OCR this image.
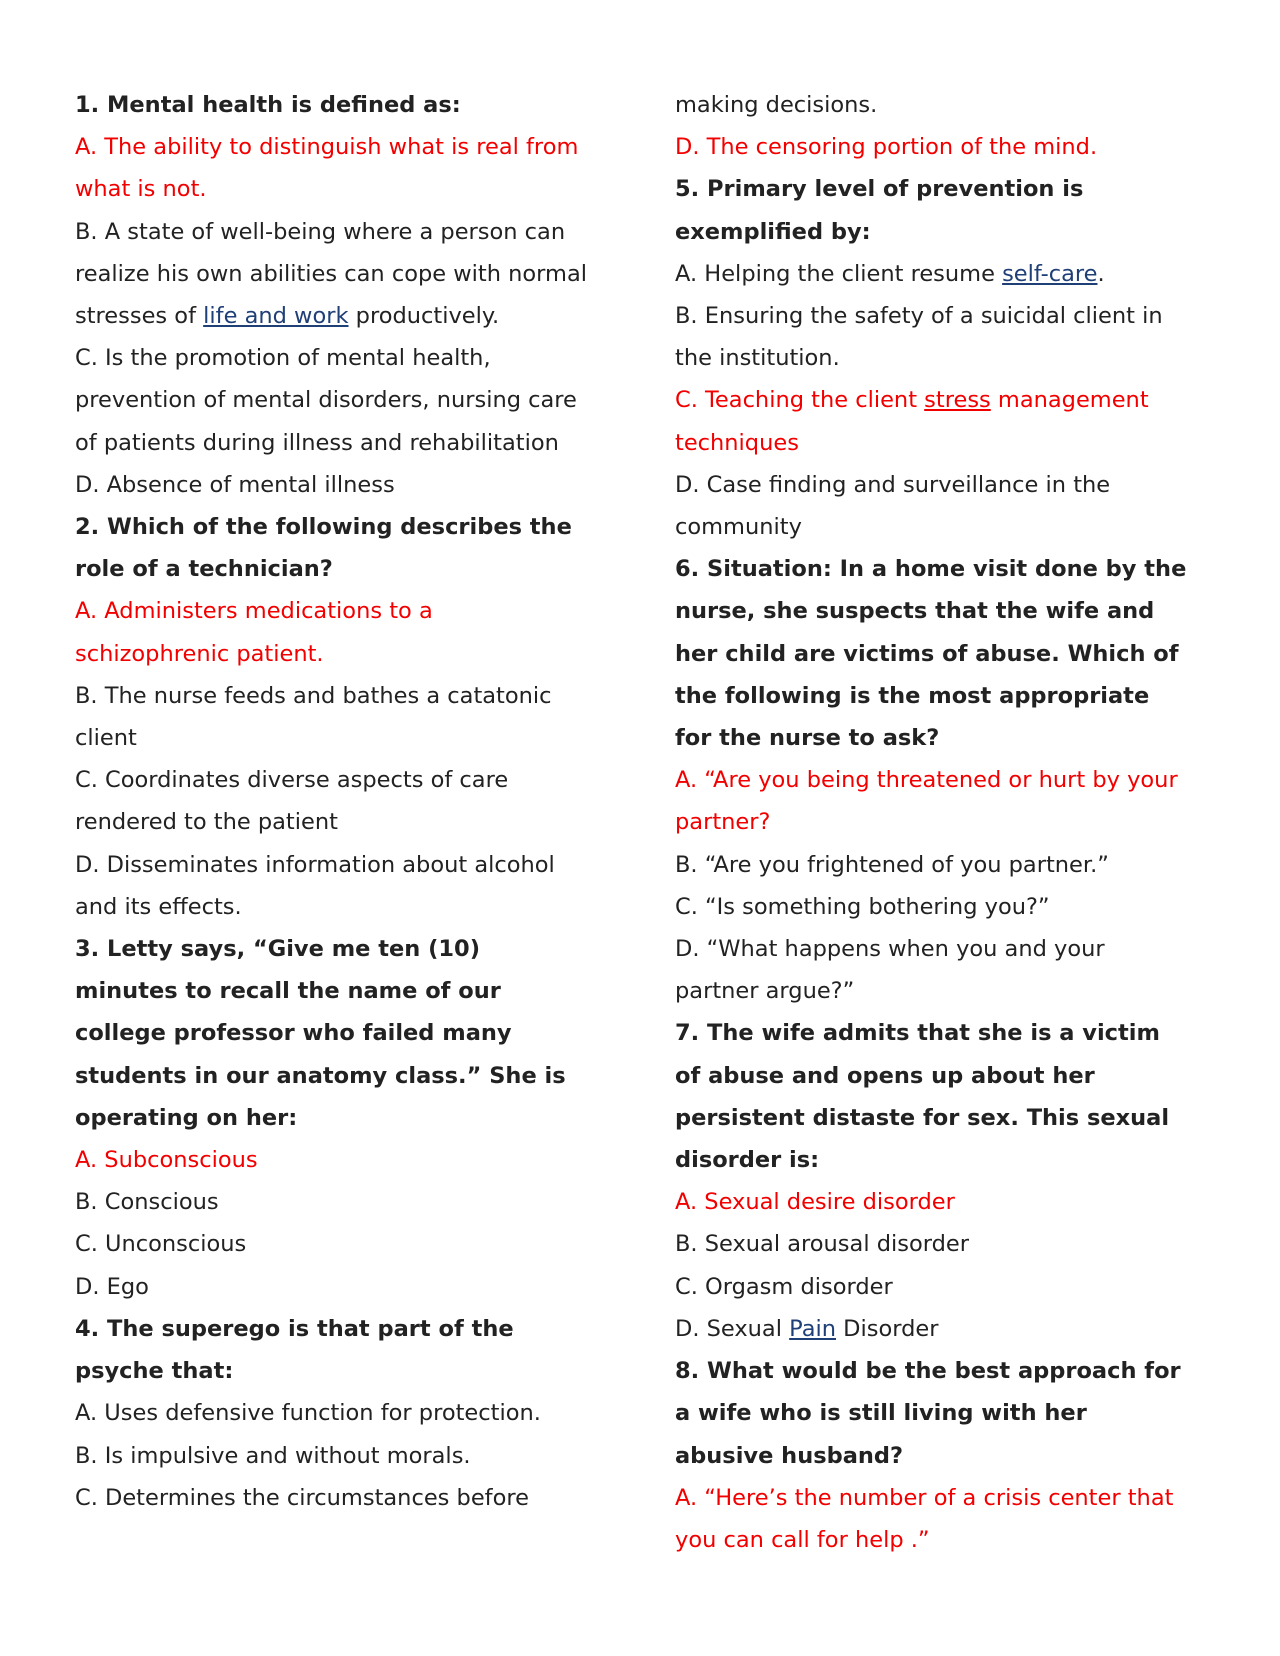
1. Mental health is defined as:

A. The ability to distinguish what is real from

what is not.

B. A state of well-being where a person can

realize his own abilities can cope with normal

stresses of life and work productively.

C. Is the promotion of mental health,

prevention of mental disorders, nursing care

of patients during illness and rehabilitation

D. Absence of mental illness

2. Which of the following describes the

role of a technician?

A. Administers medications to a

schizophrenic patient.

B. The nurse feeds and bathes a catatonic

client

C. Coordinates diverse aspects of care

rendered to the patient

D. Disseminates information about alcohol

and its effects.

3. Letty says, “Give me ten (10)

minutes to recall the name of our

college professor who failed many

students in our anatomy class.” She is

operating on her:

A. Subconscious

B. Conscious

C. Unconscious

D. Ego

4. The superego is that part of the

psyche that:

A. Uses defensive function for protection.

B. Is impulsive and without morals.

C. Determines the circumstances before

making decisions.

D. The censoring portion of the mind.

5. Primary level of prevention is

exemplified by:

A. Helping the client resume self-care.

B. Ensuring the safety of a suicidal client in

the institution.

C. Teaching the client stress management

techniques

D. Case finding and surveillance in the

community

6. Situation: In a home visit done by the

nurse, she suspects that the wife and

her child are victims of abuse. Which of

the following is the most appropriate

for the nurse to ask?

A. “Are you being threatened or hurt by your

partner?

B. “Are you frightened of you partner.”

C. “Is something bothering you?”

D. “What happens when you and your

partner argue?”

7. The wife admits that she is a victim

of abuse and opens up about her

persistent distaste for sex. This sexual

disorder is:

A. Sexual desire disorder

B. Sexual arousal disorder

C. Orgasm disorder

D. Sexual Pain Disorder

8. What would be the best approach for

a wife who is still living with her

abusive husband?

A. “Here’s the number of a crisis center that

you can call for help .”
